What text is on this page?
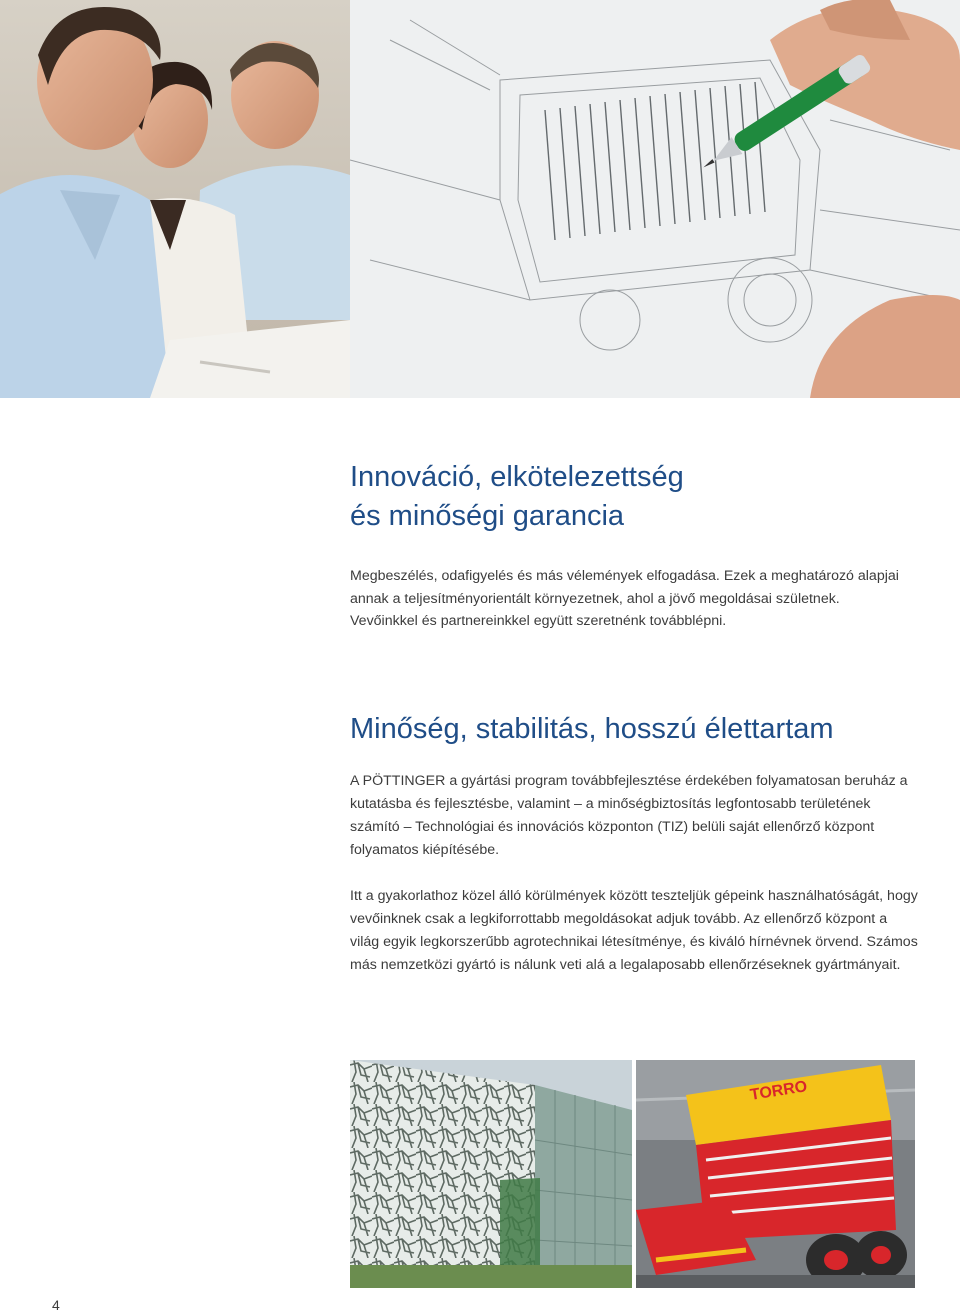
Innováció, elkötelezettség
és minőségi garancia

Megbeszélés, odafigyelés és más vélemények elfogadása. Ezek a meghatározó alapjai annak a teljesítményorientált környezetnek, ahol a jövő megoldásai születnek. Vevőinkkel és partnereinkkel együtt szeretnénk továbblépni.

Minőség, stabilitás, hosszú élettartam

A PÖTTINGER a gyártási program továbbfejlesztése érdekében folyamatosan beruház a kutatásba és fejlesztésbe, valamint – a minőségbiztosítás legfontosabb területének számító – Technológiai és innovációs központon (TIZ) belüli saját ellenőrző központ folyamatos kiépítésébe.

Itt a gyakorlathoz közel álló körülmények között teszteljük gépeink használhatóságát, hogy vevőinknek csak a legkiforrottabb megoldásokat adjuk tovább. Az ellenőrző központ a világ egyik legkorszerűbb agrotechnikai létesítménye, és kiváló hírnévnek örvend. Számos más nemzetközi gyártó is nálunk veti alá a legalaposabb ellenőrzéseknek gyártmányait.

TORRO

4
